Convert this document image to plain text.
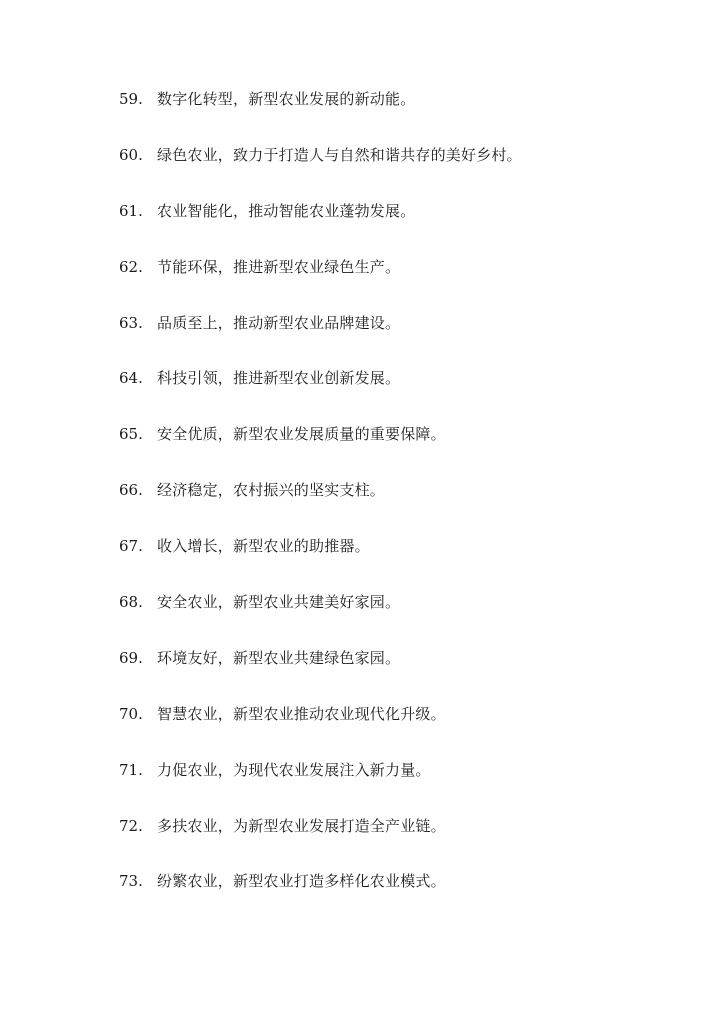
59. 数字化转型，新型农业发展的新动能。
60. 绿色农业，致力于打造人与自然和谐共存的美好乡村。
61. 农业智能化，推动智能农业蓬勃发展。
62. 节能环保，推进新型农业绿色生产。
63. 品质至上，推动新型农业品牌建设。
64. 科技引领，推进新型农业创新发展。
65. 安全优质，新型农业发展质量的重要保障。
66. 经济稳定，农村振兴的坚实支柱。
67. 收入增长，新型农业的助推器。
68. 安全农业，新型农业共建美好家园。
69. 环境友好，新型农业共建绿色家园。
70. 智慧农业，新型农业推动农业现代化升级。
71. 力促农业，为现代农业发展注入新力量。
72. 多扶农业，为新型农业发展打造全产业链。
73. 纷繁农业，新型农业打造多样化农业模式。
